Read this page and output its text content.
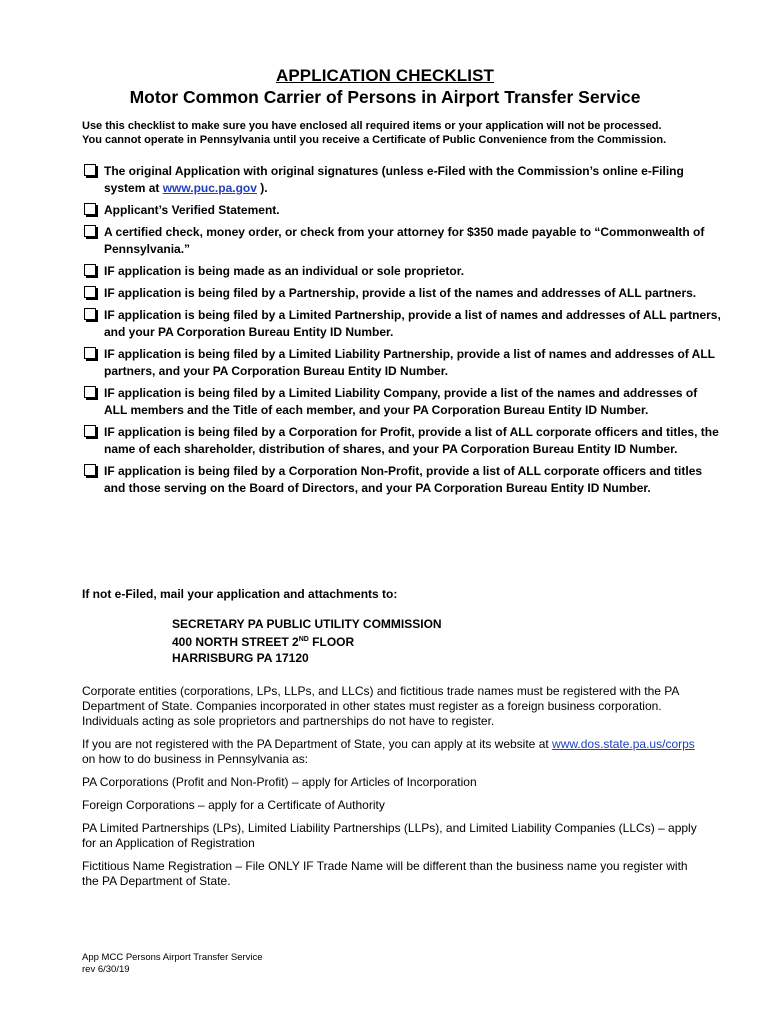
APPLICATION CHECKLIST
Motor Common Carrier of Persons in Airport Transfer Service
Use this checklist to make sure you have enclosed all required items or your application will not be processed.
You cannot operate in Pennsylvania until you receive a Certificate of Public Convenience from the Commission.
The original Application with original signatures (unless e-Filed with the Commission’s online e-Filing system at www.puc.pa.gov ).
Applicant’s Verified Statement.
A certified check, money order, or check from your attorney for $350 made payable to “Commonwealth of Pennsylvania.”
IF application is being made as an individual or sole proprietor.
IF application is being filed by a Partnership, provide a list of the names and addresses of ALL partners.
IF application is being filed by a Limited Partnership, provide a list of names and addresses of ALL partners, and your PA Corporation Bureau Entity ID Number.
IF application is being filed by a Limited Liability Partnership, provide a list of names and addresses of ALL partners, and your PA Corporation Bureau Entity ID Number.
IF application is being filed by a Limited Liability Company, provide a list of the names and addresses of ALL members and the Title of each member, and your PA Corporation Bureau Entity ID Number.
IF application is being filed by a Corporation for Profit, provide a list of ALL corporate officers and titles, the name of each shareholder, distribution of shares, and your PA Corporation Bureau Entity ID Number.
IF application is being filed by a Corporation Non-Profit, provide a list of ALL corporate officers and titles and those serving on the Board of Directors, and your PA Corporation Bureau Entity ID Number.
If not e-Filed, mail your application and attachments to:
SECRETARY PA PUBLIC UTILITY COMMISSION
400 NORTH STREET 2ND FLOOR
HARRISBURG PA 17120

Corporate entities (corporations, LPs, LLPs, and LLCs) and fictitious trade names must be registered with the PA Department of State. Companies incorporated in other states must register as a foreign business corporation. Individuals acting as sole proprietors and partnerships do not have to register.

If you are not registered with the PA Department of State, you can apply at its website at www.dos.state.pa.us/corps on how to do business in Pennsylvania as:

PA Corporations (Profit and Non-Profit) – apply for Articles of Incorporation

Foreign Corporations – apply for a Certificate of Authority

PA Limited Partnerships (LPs), Limited Liability Partnerships (LLPs), and Limited Liability Companies (LLCs) – apply for an Application of Registration

Fictitious Name Registration – File ONLY IF Trade Name will be different than the business name you register with the PA Department of State.

App MCC Persons Airport Transfer Service
rev 6/30/19
